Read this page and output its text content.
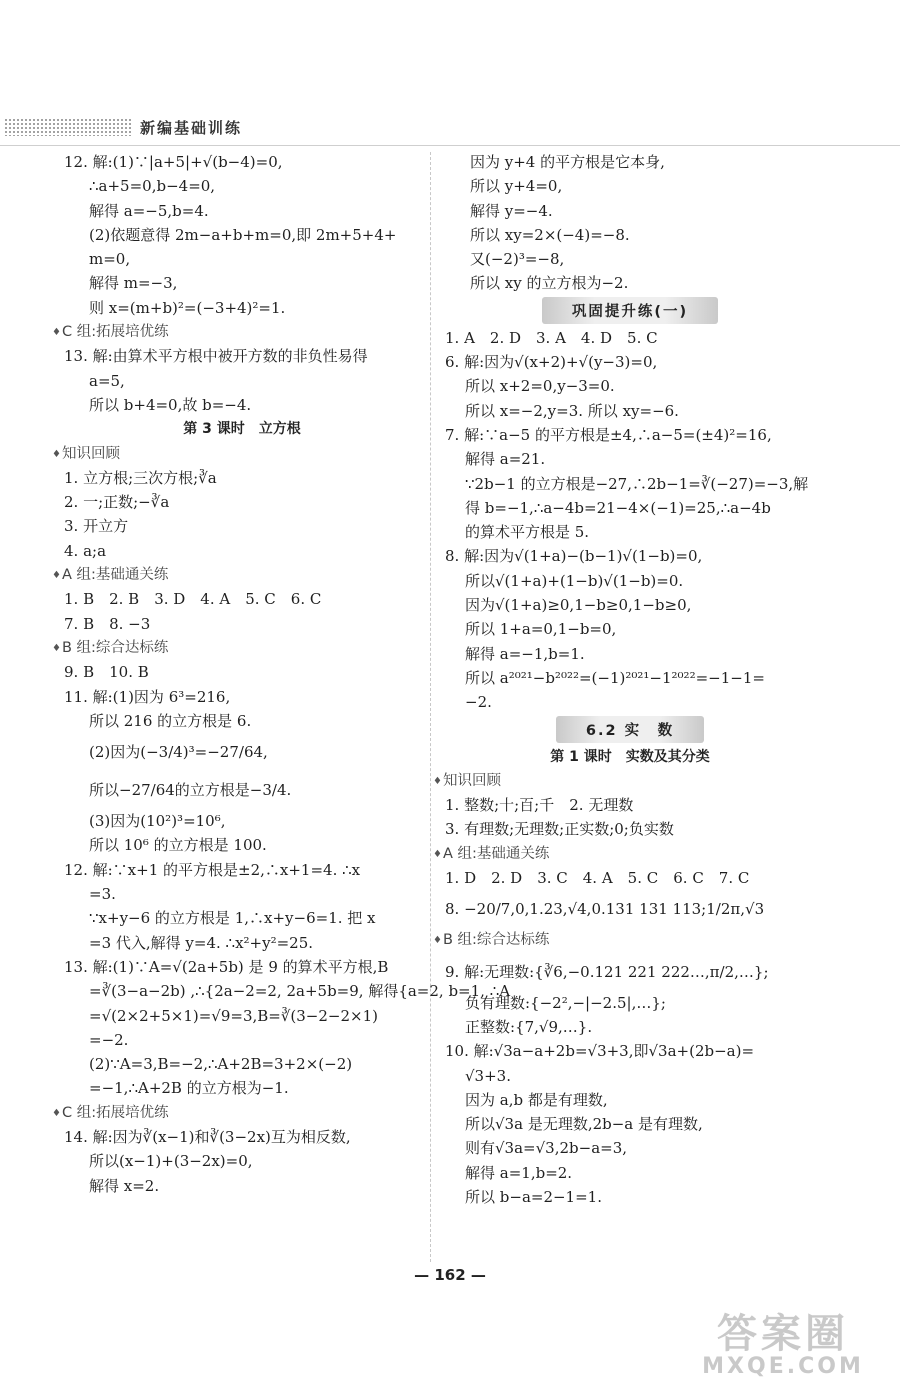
新编基础训练
12. 解:(1)∵|a+5|+√(b−4)=0,
∴a+5=0,b−4=0,
解得 a=−5,b=4.
(2)依题意得 2m−a+b+m=0,即 2m+5+4+
m=0,
解得 m=−3,
则 x=(m+b)²=(−3+4)²=1.
♦ C 组:拓展培优练
13. 解:由算术平方根中被开方数的非负性易得
a=5,
所以 b+4=0,故 b=−4.
第 3 课时　立方根
♦ 知识回顾
1. 立方根;三次方根;∛a
2. 一;正数;−∛a
3. 开立方
4. a;a
♦ A 组:基础通关练
1. B　2. B　3. D　4. A　5. C　6. C
7. B　8. −3
♦ B 组:综合达标练
9. B　10. B
11. 解:(1)因为 6³=216,
所以 216 的立方根是 6.
(2)因为(−3/4)³=−27/64,
所以−27/64的立方根是−3/4.
(3)因为(10²)³=10⁶,
所以 10⁶ 的立方根是 100.
12. 解:∵x+1 的平方根是±2,∴x+1=4. ∴x
=3.
∵x+y−6 的立方根是 1,∴x+y−6=1. 把 x
=3 代入,解得 y=4. ∴x²+y²=25.
13. 解:(1)∵A=√(2a+5b) 是 9 的算术平方根,B
=∛(3−a−2b) ,∴{2a−2=2, 2a+5b=9, 解得{a=2, b=1, ∴A
=√(2×2+5×1)=√9=3,B=∛(3−2−2×1)
=−2.
(2)∵A=3,B=−2,∴A+2B=3+2×(−2)
=−1,∴A+2B 的立方根为−1.
♦ C 组:拓展培优练
14. 解:因为∛(x−1)和∛(3−2x)互为相反数,
所以(x−1)+(3−2x)=0,
解得 x=2.
因为 y+4 的平方根是它本身,
所以 y+4=0,
解得 y=−4.
所以 xy=2×(−4)=−8.
又(−2)³=−8,
所以 xy 的立方根为−2.
巩固提升练(一)
1. A　2. D　3. A　4. D　5. C
6. 解:因为√(x+2)+√(y−3)=0,
所以 x+2=0,y−3=0.
所以 x=−2,y=3. 所以 xy=−6.
7. 解:∵a−5 的平方根是±4,∴a−5=(±4)²=16,
解得 a=21.
∵2b−1 的立方根是−27,∴2b−1=∛(−27)=−3,解
得 b=−1,∴a−4b=21−4×(−1)=25,∴a−4b
的算术平方根是 5.
8. 解:因为√(1+a)−(b−1)√(1−b)=0,
所以√(1+a)+(1−b)√(1−b)=0.
因为√(1+a)≥0,1−b≥0,1−b≥0,
所以 1+a=0,1−b=0,
解得 a=−1,b=1.
所以 a²⁰²¹−b²⁰²²=(−1)²⁰²¹−1²⁰²²=−1−1=
−2.
6.2 实　数
第 1 课时　实数及其分类
♦ 知识回顾
1. 整数;十;百;千　2. 无理数
3. 有理数;无理数;正实数;0;负实数
♦ A 组:基础通关练
1. D　2. D　3. C　4. A　5. C　6. C　7. C
8. −20/7,0,1.23,√4,0.131 131 113;1/2π,√3
♦ B 组:综合达标练
9. 解:无理数:{∛6,−0.121 221 222…,π/2,…};
负有理数:{−2²,−|−2.5|,…};
正整数:{7,√9,…}.
10. 解:√3a−a+2b=√3+3,即√3a+(2b−a)=
√3+3.
因为 a,b 都是有理数,
所以√3a 是无理数,2b−a 是有理数,
则有√3a=√3,2b−a=3,
解得 a=1,b=2.
所以 b−a=2−1=1.
— 162 —
答案圈
MXQE.COM
